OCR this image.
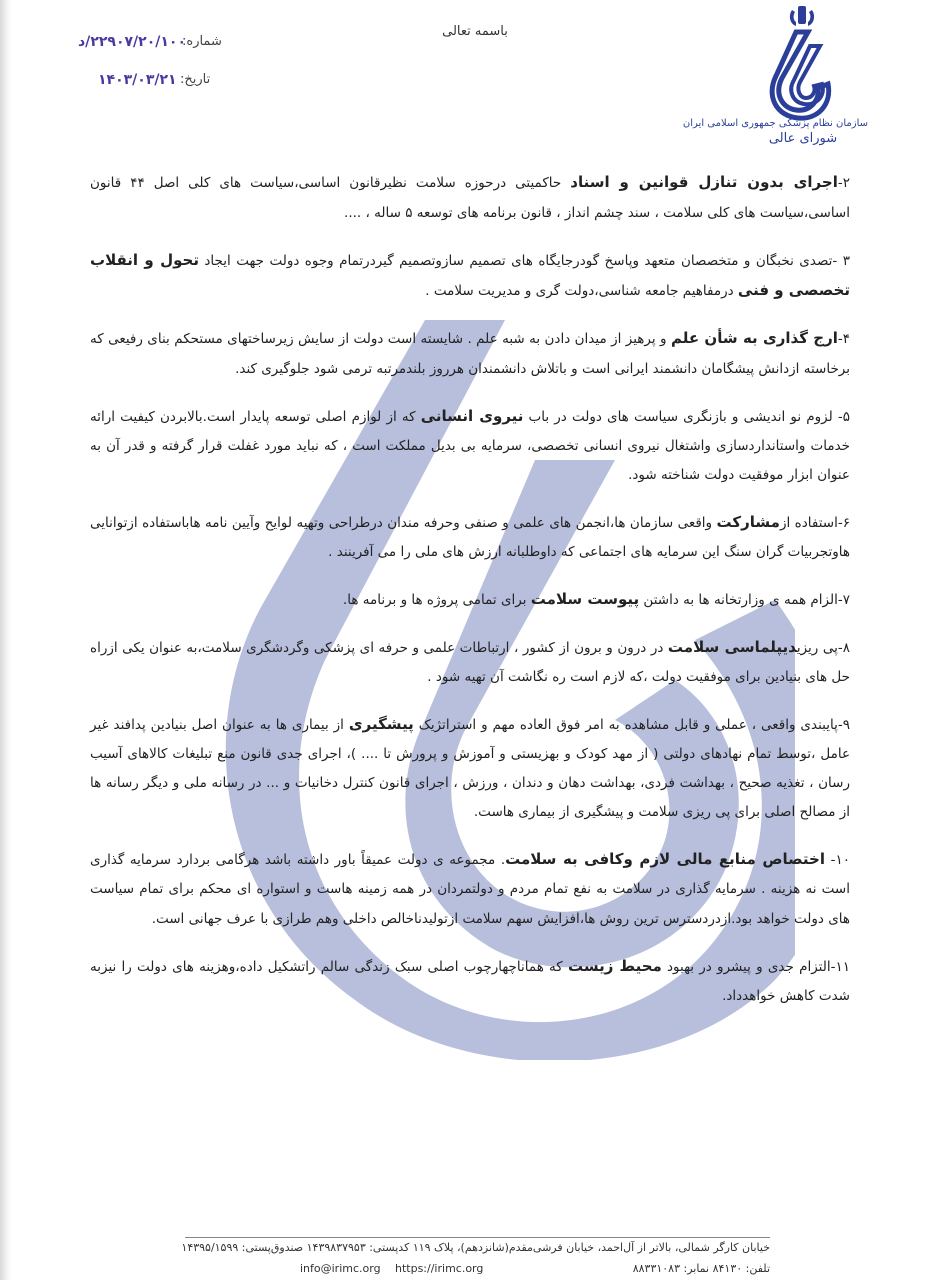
باسمه تعالی
شماره:
۲۲۹۰۷/۲۰/۱۰۰/د
تاریخ:
۱۴۰۳/۰۳/۲۱
سازمان نظام پزشکی جمهوری اسلامی ایران
شورای عالی

۲-اجرای بدون تنازل قوانین و اسناد حاکمیتی درحوزه سلامت نظیرقانون اساسی،سیاست های کلی اصل ۴۴ قانون اساسی،سیاست های کلی سلامت ، سند چشم انداز ، قانون برنامه های توسعه ۵ ساله ، ....

۳ -تصدی نخبگان و متخصصان متعهد وپاسخ گودرجایگاه های تصمیم سازوتصمیم گیردرتمام وجوه دولت جهت ایجاد تحول و انقلاب تخصصی و فنی درمفاهیم جامعه شناسی،دولت گری و مدیریت سلامت .

۴-ارج گذاری به شأن علم و پرهیز از میدان دادن به شبه علم . شایسته است دولت از سایش زیرساختهای مستحکم بنای رفیعی که برخاسته ازدانش پیشگامان دانشمند ایرانی است و باتلاش دانشمندان هرروز بلندمرتبه ترمی شود جلوگیری کند.

۵- لزوم نو اندیشی و بازنگری سیاست های دولت در باب نیروی انسانی که از لوازم اصلی توسعه پایدار است.بالابردن کیفیت ارائه خدمات واستانداردسازی واشتغال نیروی انسانی تخصصی، سرمایه بی بدیل مملکت است ، که نباید مورد غفلت قرار گرفته و قدر آن به عنوان ابزار موفقیت دولت شناخته شود.

۶-استفاده ازمشارکت واقعی سازمان ها،انجمن های علمی و صنفی وحرفه مندان درطراحی وتهیه لوایح وآیین نامه هاباستفاده ازتوانایی هاوتجربیات گران سنگ این سرمایه های اجتماعی که داوطلبانه ارزش های ملی را می آفرینند .

۷-الزام همه ی وزارتخانه ها به داشتن پیوست سلامت برای تمامی پروژه ها و برنامه ها.

۸-پی ریزیدیپلماسی سلامت در درون و برون از کشور ، ارتباطات علمی و حرفه ای پزشکی وگردشگری سلامت،به عنوان یکی ازراه حل های بنیادین برای موفقیت دولت ،که لازم است ره نگاشت آن تهیه شود .

۹-پایبندی واقعی ، عملی و قابل مشاهده به امر فوق العاده مهم و استراتژیک پیشگیری از بیماری ها به عنوان اصل بنیادین پدافند غیر عامل ،توسط تمام نهادهای دولتی ( از مهد کودک و بهزیستی و آموزش و پرورش تا .... )، اجرای جدی قانون منع تبلیغات کالاهای آسیب رسان ، تغذیه صحیح ، بهداشت فردی، بهداشت دهان و دندان ، ورزش ، اجرای قانون کنترل دخانیات و ... در رسانه ملی و دیگر رسانه ها از مصالح اصلی برای پی ریزی سلامت و پیشگیری از بیماری هاست.

۱۰- اختصاص منابع مالی لازم وکافی به سلامت. مجموعه ی دولت عمیقاً باور داشته باشد هرگامی بردارد سرمایه گذاری است نه هزینه . سرمایه گذاری در سلامت به نفع تمام مردم و دولتمردان در همه زمینه هاست و استواره ای محکم برای تمام سیاست های دولت خواهد بود.ازدردسترس ترین روش ها،افزایش سهم سلامت ازتولیدناخالص داخلی وهم طرازی با عرف جهانی است.

۱۱-التزام جدی و پیشرو در بهبود محیط زیست که هماناچهارچوب اصلی سبک زندگی سالم راتشکیل داده،وهزینه های دولت را نیزبه شدت کاهش خواهدداد.

خیابان کارگر شمالی، بالاتر از آل‌احمد، خیابان فرشی‌مقدم(شانزدهم)، پلاک ۱۱۹ کدپستی: ۱۴۳۹۸۳۷۹۵۳ صندوق‌پستی: ۱۴۳۹۵/۱۵۹۹
تلفن: ۸۴۱۳۰ نمابر: ۸۸۳۳۱۰۸۳
https://irimc.org
info@irimc.org
